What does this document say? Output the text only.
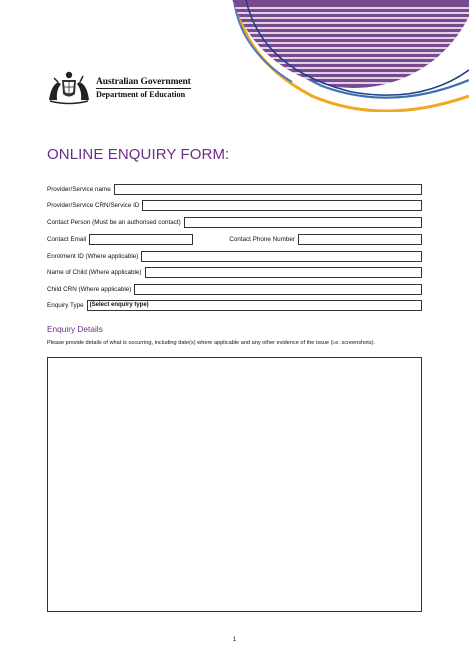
Australian Government
Department of Education
ONLINE ENQUIRY FORM:
Provider/Service name
Provider/Service CRN/Service ID
Contact Person (Must be an authorised contact)
Contact Email	Contact Phone Number
Enrolment ID (Where applicable)
Name of Child (Where applicable)
Child CRN (Where applicable)
Enquiry Type	(Select enquiry type)
Enquiry Details
Please provide details of what is occurring, including date(s) where applicable and any other evidence of the issue (i.e. screenshots).
1
